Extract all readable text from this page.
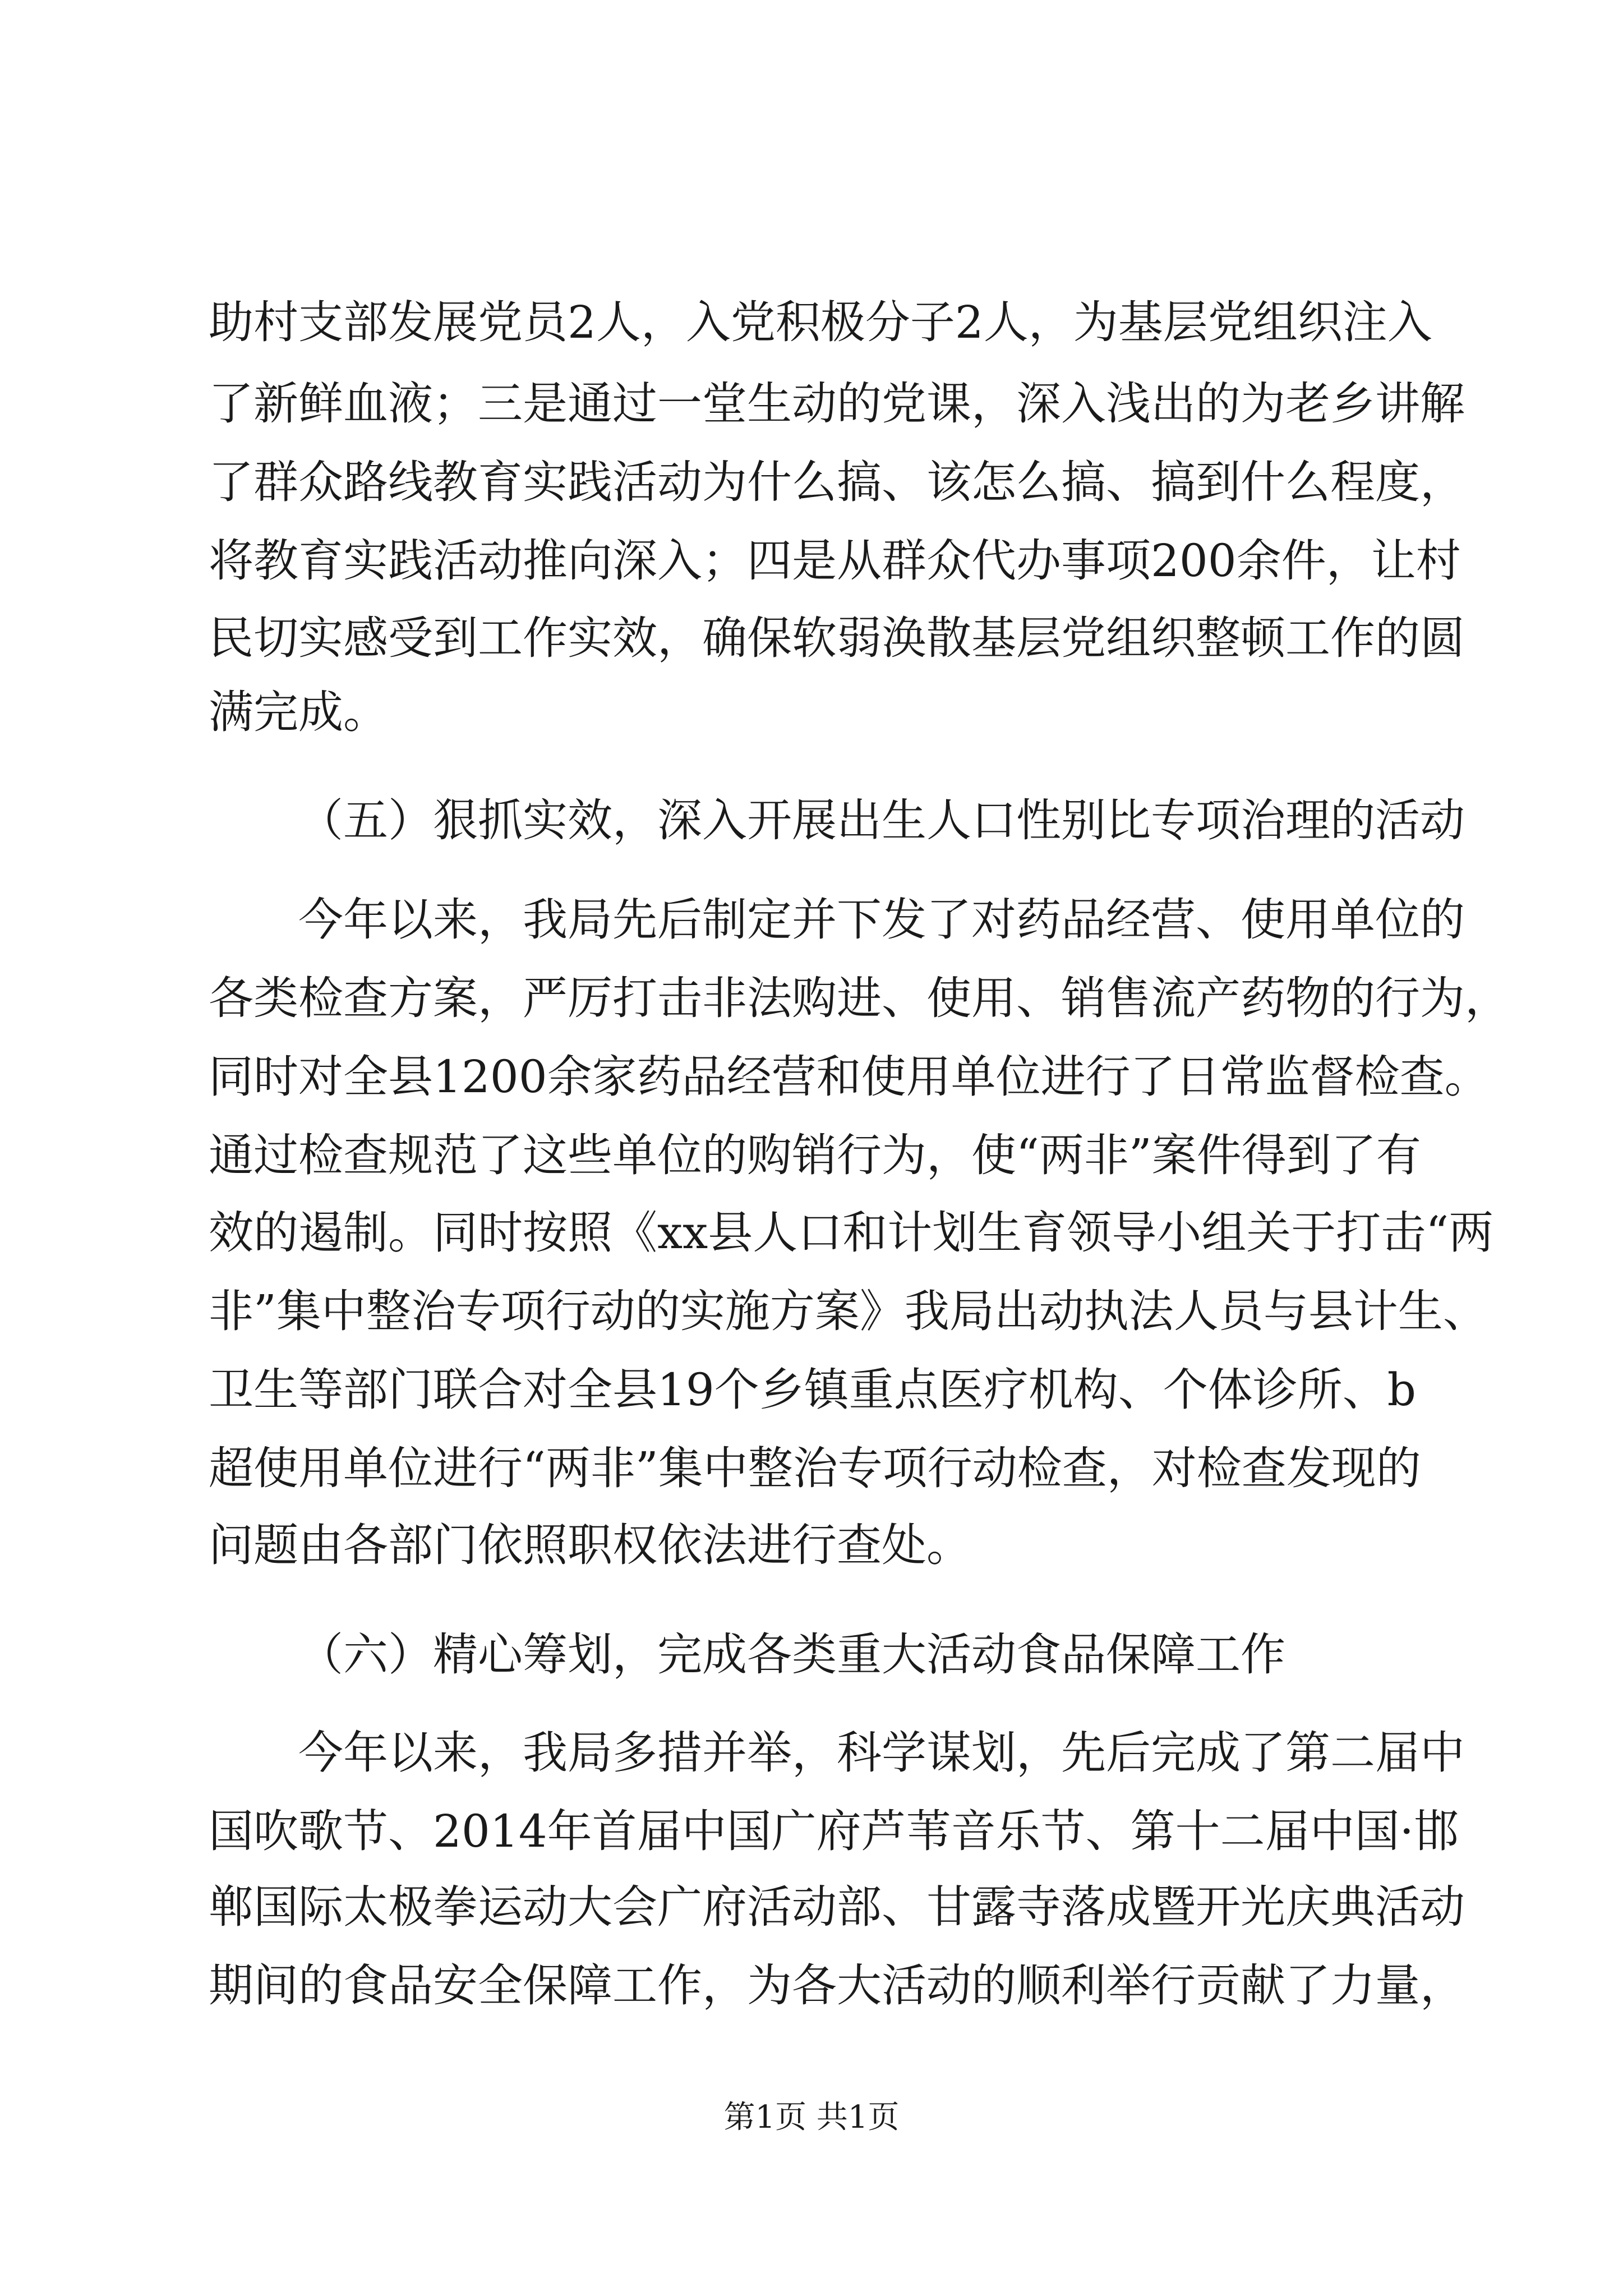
助村支部发展党员2人，入党积极分子2人，为基层党组织注入
了新鲜血液；三是通过一堂生动的党课，深入浅出的为老乡讲解
了群众路线教育实践活动为什么搞、该怎么搞、搞到什么程度，
将教育实践活动推向深入；四是从群众代办事项200余件，让村
民切实感受到工作实效，确保软弱涣散基层党组织整顿工作的圆
满完成。
（五）狠抓实效，深入开展出生人口性别比专项治理的活动
今年以来，我局先后制定并下发了对药品经营、使用单位的
各类检查方案，严厉打击非法购进、使用、销售流产药物的行为，
同时对全县1200余家药品经营和使用单位进行了日常监督检查。
通过检查规范了这些单位的购销行为，使“两非”案件得到了有
效的遏制。同时按照《xx县人口和计划生育领导小组关于打击“两
非”集中整治专项行动的实施方案》我局出动执法人员与县计生、
卫生等部门联合对全县19个乡镇重点医疗机构、个体诊所、b
超使用单位进行“两非”集中整治专项行动检查，对检查发现的
问题由各部门依照职权依法进行查处。
（六）精心筹划，完成各类重大活动食品保障工作
今年以来，我局多措并举，科学谋划，先后完成了第二届中
国吹歌节、2014年首届中国广府芦苇音乐节、第十二届中国·邯
郸国际太极拳运动大会广府活动部、甘露寺落成暨开光庆典活动
期间的食品安全保障工作，为各大活动的顺利举行贡献了力量，
第1页 共1页
